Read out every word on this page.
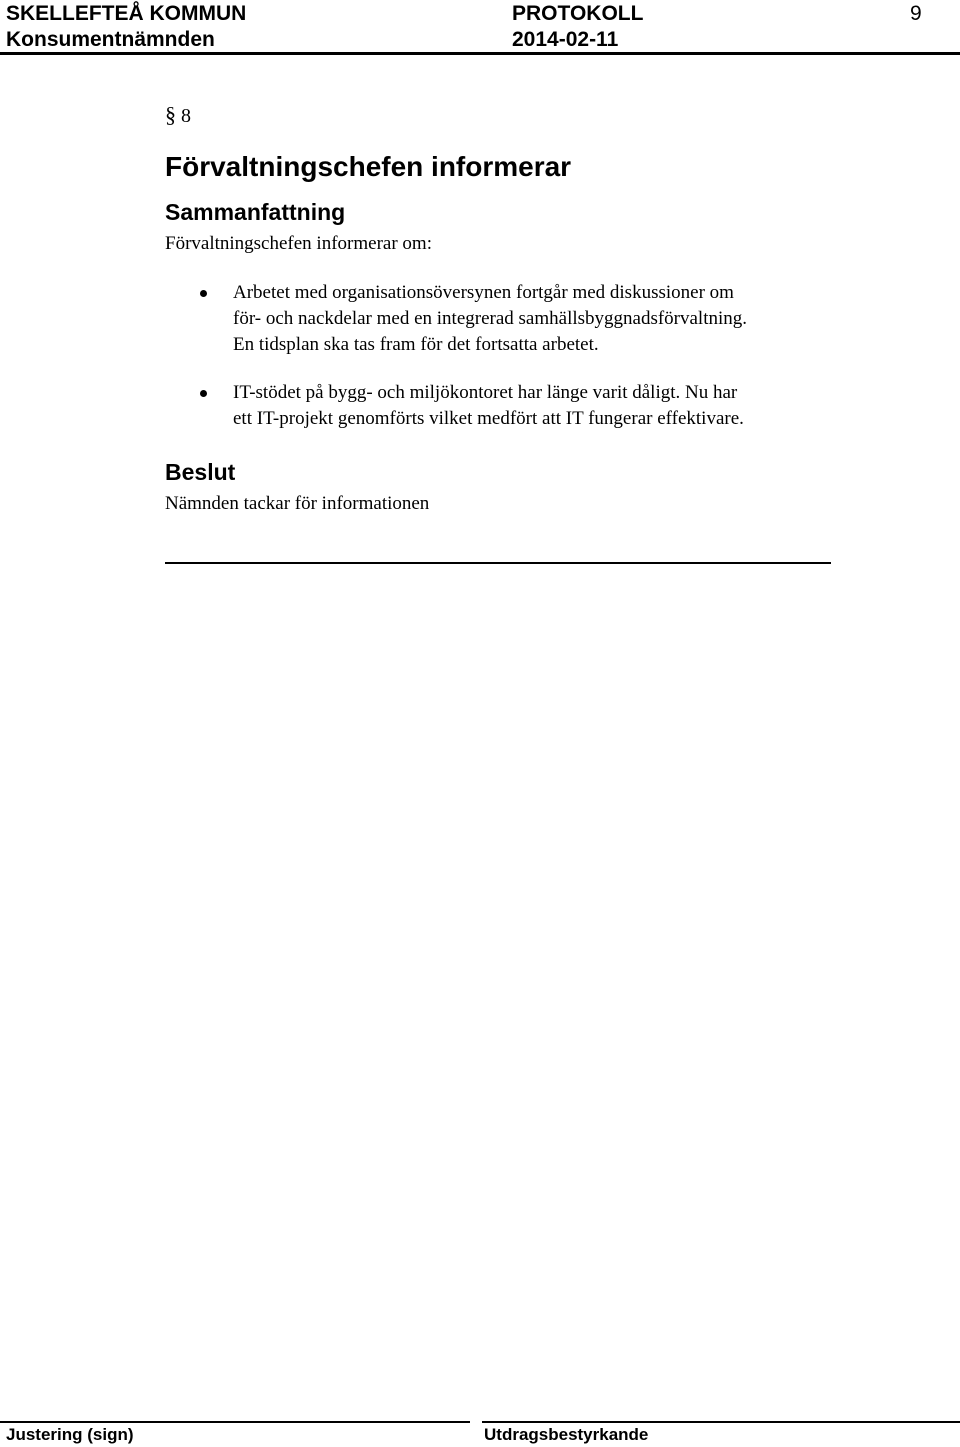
SKELLEFTEÅ KOMMUN
Konsumentnämnden
PROTOKOLL
2014-02-11
9
§ 8
Förvaltningschefen informerar
Sammanfattning
Förvaltningschefen informerar om:
Arbetet med organisationsöversynen fortgår med diskussioner om
för- och nackdelar med en integrerad samhällsbyggnadsförvaltning.
En tidsplan ska tas fram för det fortsatta arbetet.
IT-stödet på bygg- och miljökontoret har länge varit dåligt. Nu har
ett IT-projekt genomförts vilket medfört att IT fungerar effektivare.
Beslut
Nämnden tackar för informationen
Justering (sign)	Utdragsbestyrkande
